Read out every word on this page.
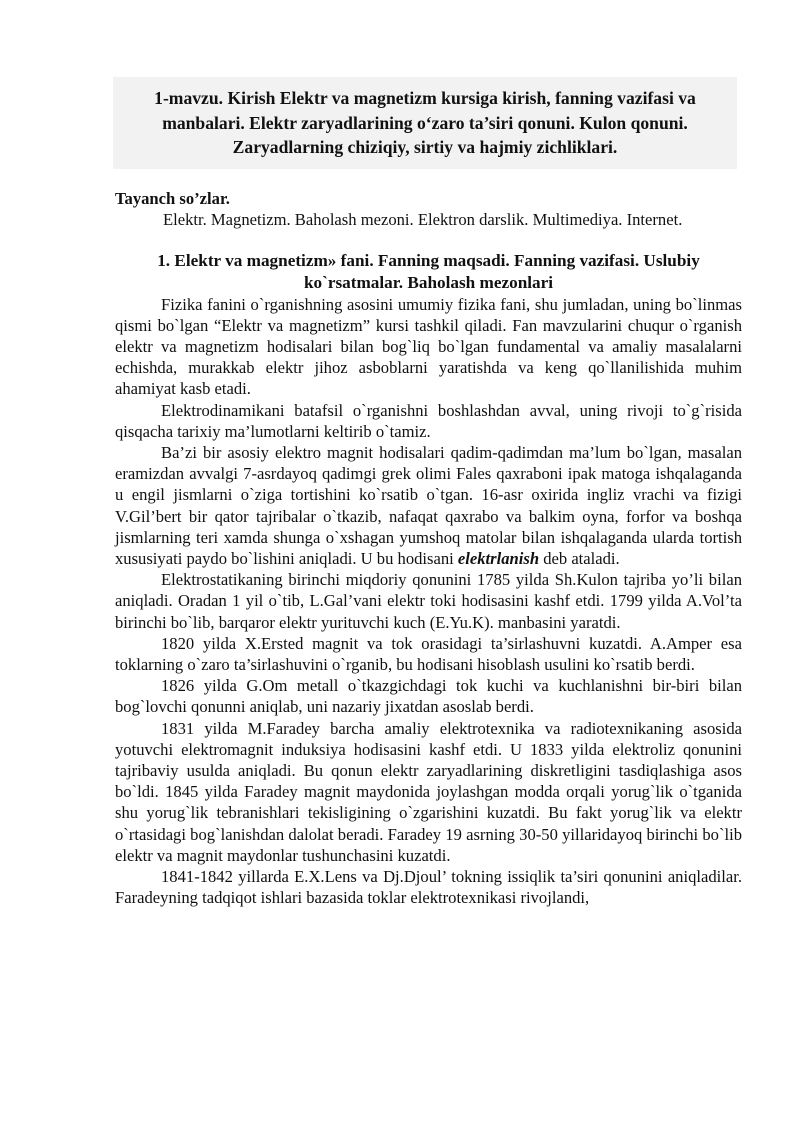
1-mavzu. Kirish Elektr va magnetizm kursiga kirish, fanning vazifasi va manbalari. Elektr zaryadlarining o‘zaro ta’siri qonuni. Kulon qonuni. Zaryadlarning chiziqiy, sirtiy va hajmiy zichliklari.

Tayanch so’zlar.

Elektr. Magnetizm. Baholash mezoni. Elektron darslik. Multimediya. Internet.

1. Elektr va magnetizm» fani. Fanning maqsadi. Fanning vazifasi. Uslubiy ko`rsatmalar. Baholash mezonlari

Fizika fanini o`rganishning asosini umumiy fizika fani, shu jumladan, uning bo`linmas qismi bo`lgan “Elektr va magnetizm” kursi tashkil qiladi. Fan mavzularini chuqur o`rganish elektr va magnetizm hodisalari bilan bog`liq bo`lgan fundamental va amaliy masalalarni echishda, murakkab elektr jihoz asboblarni yaratishda va keng qo`llanilishida muhim ahamiyat kasb etadi.

Elektrodinamikani batafsil o`rganishni boshlashdan avval, uning rivoji to`g`risida qisqacha tarixiy ma’lumotlarni keltirib o`tamiz.

Ba’zi bir asosiy elektro magnit hodisalari qadim-qadimdan ma’lum bo`lgan, masalan eramizdan avvalgi 7-asrdayoq qadimgi grek olimi Fales qaxraboni ipak matoga ishqalaganda u engil jismlarni o`ziga tortishini ko`rsatib o`tgan. 16-asr oxirida ingliz vrachi va fizigi V.Gil’bert bir qator tajribalar o`tkazib, nafaqat qaxrabo va balkim oyna, forfor va boshqa jismlarning teri xamda shunga o`xshagan yumshoq matolar bilan ishqalaganda ularda tortish xususiyati paydo bo`lishini aniqladi. U bu hodisani elektrlanish deb ataladi.

Elektrostatikaning birinchi miqdoriy qonunini 1785 yilda Sh.Kulon tajriba yo’li bilan aniqladi. Oradan 1 yil o`tib, L.Gal’vani elektr toki hodisasini kashf etdi. 1799 yilda A.Vol’ta birinchi bo`lib, barqaror elektr yurituvchi kuch (E.Yu.K). manbasini yaratdi.

1820 yilda X.Ersted magnit va tok orasidagi ta’sirlashuvni kuzatdi. A.Amper esa toklarning o`zaro ta’sirlashuvini o`rganib, bu hodisani hisoblash usulini ko`rsatib berdi.

1826 yilda G.Om metall o`tkazgichdagi tok kuchi va kuchlanishni bir-biri bilan bog`lovchi qonunni aniqlab, uni nazariy jixatdan asoslab berdi.

1831 yilda M.Faradey barcha amaliy elektrotexnika va radiotexnikaning asosida yotuvchi elektromagnit induksiya hodisasini kashf etdi. U 1833 yilda elektroliz qonunini tajribaviy usulda aniqladi. Bu qonun elektr zaryadlarining diskretligini tasdiqlashiga asos bo`ldi. 1845 yilda Faradey magnit maydonida joylashgan modda orqali yorug`lik o`tganida shu yorug`lik tebranishlari tekisligining o`zgarishini kuzatdi. Bu fakt yorug`lik va elektr o`rtasidagi bog`lanishdan dalolat beradi. Faradey 19 asrning 30-50 yillaridayoq birinchi bo`lib elektr va magnit maydonlar tushunchasini kuzatdi.

1841-1842 yillarda E.X.Lens va Dj.Djoul’ tokning issiqlik ta’siri qonunini aniqladilar. Faradeyning tadqiqot ishlari bazasida toklar elektrotexnikasi rivojlandi,
